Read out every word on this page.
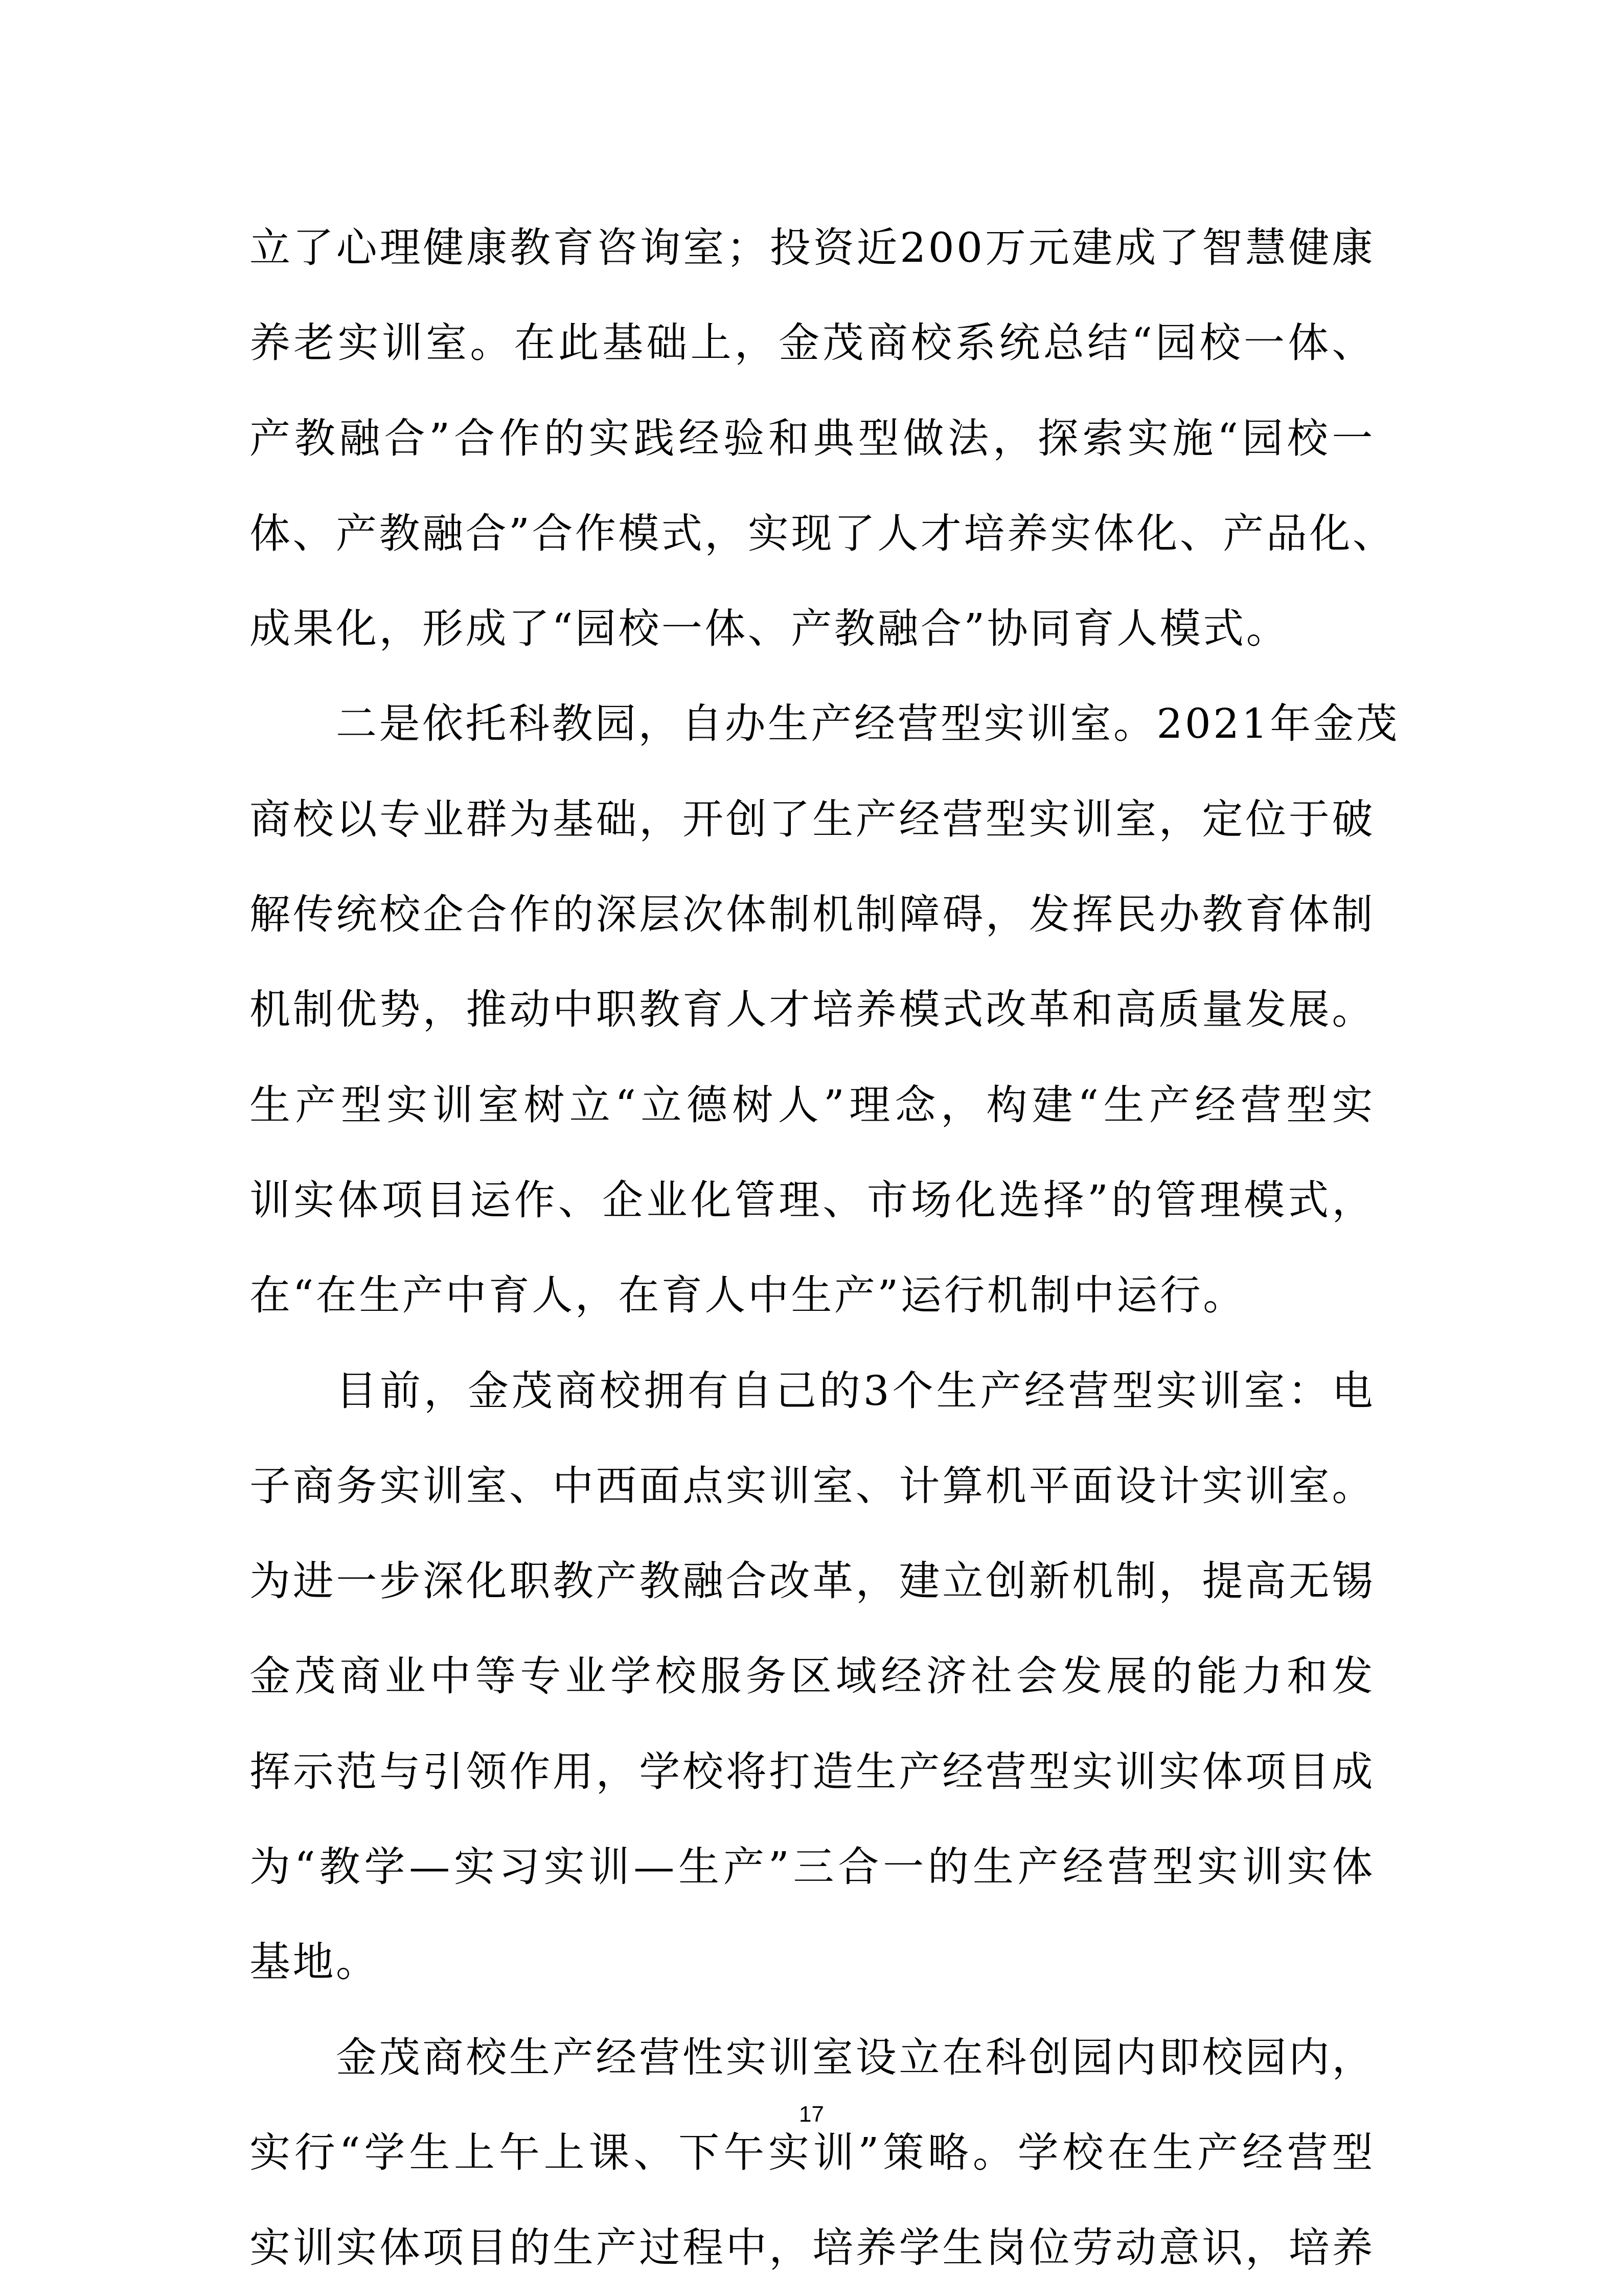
立了心理健康教育咨询室；投资近200万元建成了智慧健康
养老实训室。在此基础上，金茂商校系统总结“园校一体、
产教融合”合作的实践经验和典型做法，探索实施“园校一
体、产教融合”合作模式，实现了人才培养实体化、产品化、
成果化，形成了“园校一体、产教融合”协同育人模式。

二是依托科教园，自办生产经营型实训室。2021年金茂
商校以专业群为基础，开创了生产经营型实训室，定位于破
解传统校企合作的深层次体制机制障碍，发挥民办教育体制
机制优势，推动中职教育人才培养模式改革和高质量发展。
生产型实训室树立“立德树人”理念，构建“生产经营型实
训实体项目运作、企业化管理、市场化选择”的管理模式，
在“在生产中育人，在育人中生产”运行机制中运行。

目前，金茂商校拥有自己的3个生产经营型实训室：电
子商务实训室、中西面点实训室、计算机平面设计实训室。
为进一步深化职教产教融合改革，建立创新机制，提高无锡
金茂商业中等专业学校服务区域经济社会发展的能力和发
挥示范与引领作用，学校将打造生产经营型实训实体项目成
为“教学—实习实训—生产”三合一的生产经营型实训实体
基地。

金茂商校生产经营性实训室设立在科创园内即校园内，
实行“学生上午上课、下午实训”策略。学校在生产经营型
实训实体项目的生产过程中，培养学生岗位劳动意识，培养

17
